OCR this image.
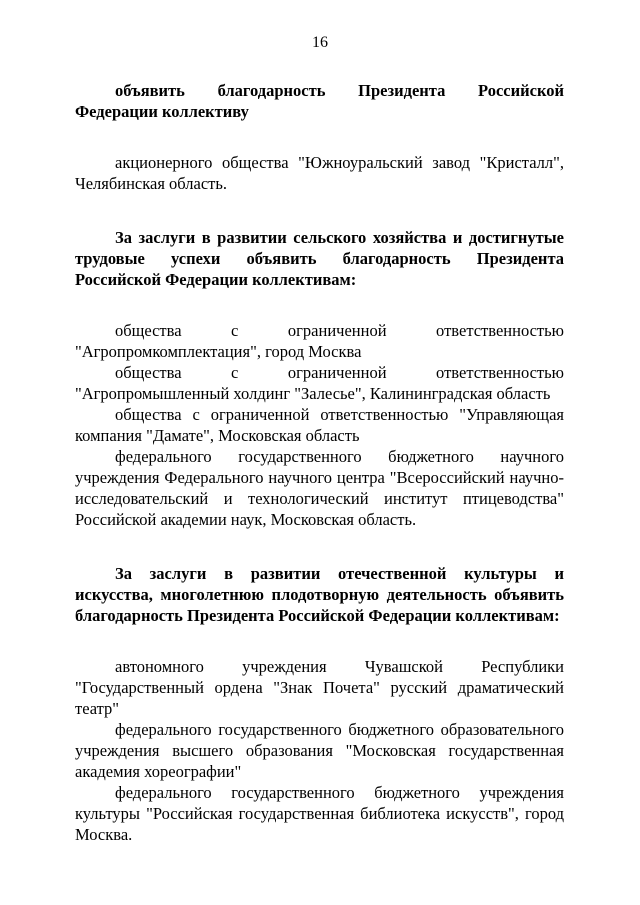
16

объявить благодарность Президента Российской Федерации коллективу

акционерного общества "Южноуральский завод "Кристалл", Челябинская область.

За заслуги в развитии сельского хозяйства и достигнутые трудовые успехи объявить благодарность Президента Российской Федерации коллективам:

общества с ограниченной ответственностью "Агропромкомплектация", город Москва

общества с ограниченной ответственностью "Агропромышленный холдинг "Залесье", Калининградская область

общества с ограниченной ответственностью "Управляющая компания "Дамате", Московская область

федерального государственного бюджетного научного учреждения Федерального научного центра "Всероссийский научно-исследовательский и технологический институт птицеводства" Российской академии наук, Московская область.

За заслуги в развитии отечественной культуры и искусства, многолетнюю плодотворную деятельность объявить благодарность Президента Российской Федерации коллективам:

автономного учреждения Чувашской Республики "Государственный ордена "Знак Почета" русский драматический театр"

федерального государственного бюджетного образовательного учреждения высшего образования "Московская государственная академия хореографии"

федерального государственного бюджетного учреждения культуры "Российская государственная библиотека искусств", город Москва.
